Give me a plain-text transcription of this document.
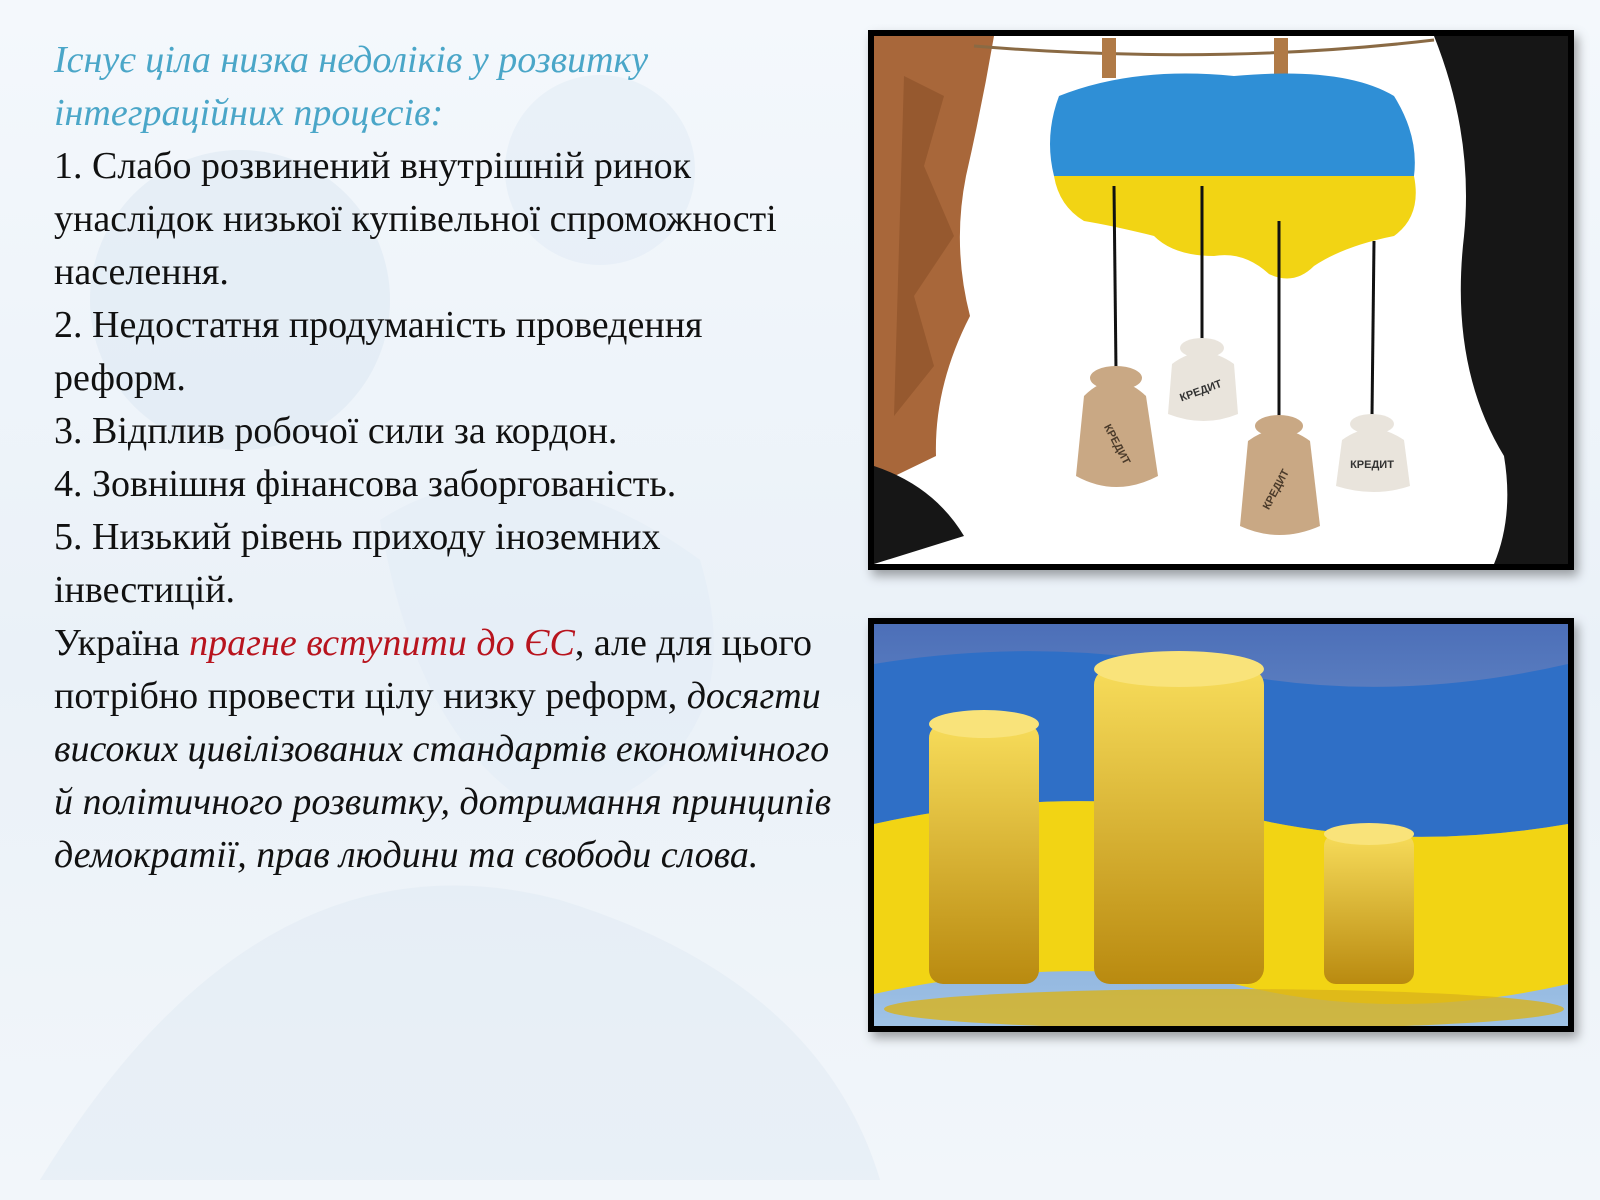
Існує ціла низка недоліків у розвитку інтеграційних процесів:

1. Слабо розвинений внутрішній ринок унаслідок низької купівельної спроможності населення.

2. Недостатня продуманість проведення реформ.

3. Відплив робочої сили за кордон.

4. Зовнішня фінансова заборгованість.

5. Низький рівень приходу іноземних інвестицій.

Україна прагне вступити до ЄС, але для цього потрібно провести цілу низку реформ, досягти високих цивілізованих стандартів економічного й політичного розвитку, дотримання принципів демократії, прав людини та свободи слова.

КРЕДИТ
КРЕДИТ
КРЕДИТ
КРЕДИТ
